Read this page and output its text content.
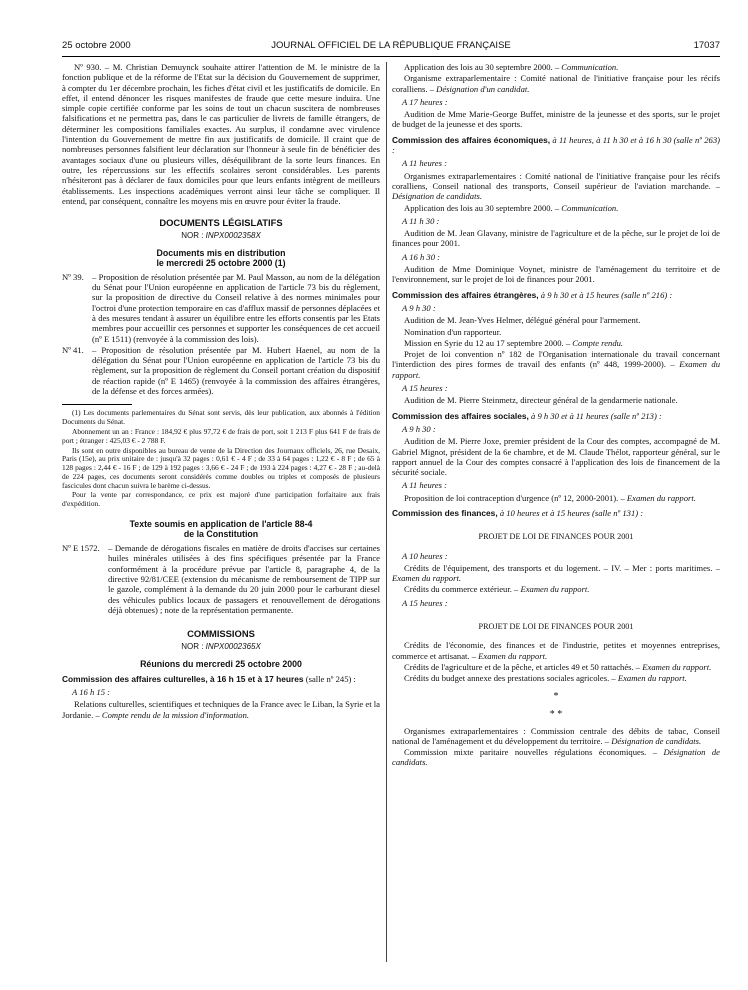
25 octobre 2000	JOURNAL OFFICIEL DE LA RÉPUBLIQUE FRANÇAISE	17037

Nº 930. – M. Christian Demuynck souhaite attirer l'attention de M. le ministre de la fonction publique et de la réforme de l'Etat sur la décision du Gouvernement de supprimer, à compter du 1er décembre prochain, les fiches d'état civil et les justificatifs de domicile. En effet, il entend dénoncer les risques manifestes de fraude que cette mesure induira. Une simple copie certifiée conforme par les soins de tout un chacun suscitera de nombreuses falsifications et ne permettra pas, dans le cas particulier de livrets de famille étrangers, de déterminer les compositions familiales exactes. Au surplus, il condamne avec virulence l'intention du Gouvernement de mettre fin aux justificatifs de domicile. Il craint que de nombreuses personnes falsifient leur déclaration sur l'honneur à seule fin de bénéficier des avantages sociaux d'une ou plusieurs villes, déséquilibrant de la sorte leurs finances. En outre, les répercussions sur les effectifs scolaires seront considérables. Les parents n'hésiteront pas à déclarer de faux domiciles pour que leurs enfants intègrent de meilleurs établissements. Les inspections académiques verront ainsi leur tâche se compliquer. Il entend, par conséquent, connaître les moyens mis en œuvre pour éviter la fraude.

DOCUMENTS LÉGISLATIFS
NOR : INPX0002358X
Documents mis en distribution
le mercredi 25 octobre 2000 (1)

Nº 39. – Proposition de résolution présentée par M. Paul Masson, au nom de la délégation du Sénat pour l'Union européenne en application de l'article 73 bis du règlement, sur la proposition de directive du Conseil relative à des normes minimales pour l'octroi d'une protection temporaire en cas d'afflux massif de personnes déplacées et à des mesures tendant à assurer un équilibre entre les efforts consentis par les Etats membres pour accueillir ces personnes et supporter les conséquences de cet accueil (nº E 1511) (renvoyée à la commission des lois).

Nº 41. – Proposition de résolution présentée par M. Hubert Haenel, au nom de la délégation du Sénat pour l'Union européenne en application de l'article 73 bis du règlement, sur la proposition de règlement du Conseil portant création du dispositif de réaction rapide (nº E 1465) (renvoyée à la commission des affaires étrangères, de la défense et des forces armées).

(1) Les documents parlementaires du Sénat sont servis, dès leur publication, aux abonnés à l'édition Documents du Sénat.

Abonnement un an : France : 184,92 € plus 97,72 € de frais de port, soit 1 213 F plus 641 F de frais de port ; étranger : 425,03 € - 2 788 F.

Ils sont en outre disponibles au bureau de vente de la Direction des Journaux officiels, 26, rue Desaix, Paris (15e), au prix unitaire de : jusqu'à 32 pages : 0,61 € - 4 F ; de 33 à 64 pages : 1,22 € - 8 F ; de 65 à 128 pages : 2,44 € - 16 F ; de 129 à 192 pages : 3,66 € - 24 F ; de 193 à 224 pages : 4,27 € - 28 F ; au-delà de 224 pages, ces documents seront considérés comme doubles ou triples et composés de plusieurs fascicules dont chacun suivra le barème ci-dessus.

Pour la vente par correspondance, ce prix est majoré d'une participation forfaitaire aux frais d'expédition.

Texte soumis en application de l'article 88-4
de la Constitution

Nº E 1572. – Demande de dérogations fiscales en matière de droits d'accises sur certaines huiles minérales utilisées à des fins spécifiques présentée par la France conformément à la procédure prévue par l'article 8, paragraphe 4, de la directive 92/81/CEE (extension du mécanisme de remboursement de TIPP sur le gazole, complément à la demande du 20 juin 2000 pour le carburant diesel des véhicules publics locaux de passagers et renouvellement de dérogations déjà obtenues) ; note de la représentation permanente.

COMMISSIONS
NOR : INPX0002365X
Réunions du mercredi 25 octobre 2000

Commission des affaires culturelles, à 16 h 15 et à 17 heures (salle nº 245) :

A 16 h 15 :

Relations culturelles, scientifiques et techniques de la France avec le Liban, la Syrie et la Jordanie. – Compte rendu de la mission d'information.

Application des lois au 30 septembre 2000. – Communication.

Organisme extraparlementaire : Comité national de l'initiative française pour les récifs coralliens. – Désignation d'un candidat.

A 17 heures :

Audition de Mme Marie-George Buffet, ministre de la jeunesse et des sports, sur le projet de budget de la jeunesse et des sports.

Commission des affaires économiques, à 11 heures, à 11 h 30 et à 16 h 30 (salle nº 263) :

A 11 heures :

Organismes extraparlementaires : Comité national de l'initiative française pour les récifs coralliens, Conseil national des transports, Conseil supérieur de l'aviation marchande. – Désignation de candidats.

Application des lois au 30 septembre 2000. – Communication.

A 11 h 30 :

Audition de M. Jean Glavany, ministre de l'agriculture et de la pêche, sur le projet de loi de finances pour 2001.

A 16 h 30 :

Audition de Mme Dominique Voynet, ministre de l'aménagement du territoire et de l'environnement, sur le projet de loi de finances pour 2001.

Commission des affaires étrangères, à 9 h 30 et à 15 heures (salle nº 216) :

A 9 h 30 :

Audition de M. Jean-Yves Helmer, délégué général pour l'armement.

Nomination d'un rapporteur.

Mission en Syrie du 12 au 17 septembre 2000. – Compte rendu.

Projet de loi convention nº 182 de l'Organisation internationale du travail concernant l'interdiction des pires formes de travail des enfants (nº 448, 1999-2000). – Examen du rapport.

A 15 heures :

Audition de M. Pierre Steinmetz, directeur général de la gendarmerie nationale.

Commission des affaires sociales, à 9 h 30 et à 11 heures (salle nº 213) :

A 9 h 30 :

Audition de M. Pierre Joxe, premier président de la Cour des comptes, accompagné de M. Gabriel Mignot, président de la 6e chambre, et de M. Claude Thélot, rapporteur général, sur le rapport annuel de la Cour des comptes consacré à l'application des lois de financement de la sécurité sociale.

A 11 heures :

Proposition de loi contraception d'urgence (nº 12, 2000-2001). – Examen du rapport.

Commission des finances, à 10 heures et à 15 heures (salle nº 131) :

PROJET DE LOI DE FINANCES POUR 2001

A 10 heures :

Crédits de l'équipement, des transports et du logement. – IV. – Mer : ports maritimes. – Examen du rapport.

Crédits du commerce extérieur. – Examen du rapport.

A 15 heures :

PROJET DE LOI DE FINANCES POUR 2001

Crédits de l'économie, des finances et de l'industrie, petites et moyennes entreprises, commerce et artisanat. – Examen du rapport.

Crédits de l'agriculture et de la pêche, et articles 49 et 50 rattachés. – Examen du rapport.

Crédits du budget annexe des prestations sociales agricoles. – Examen du rapport.

*
* *

Organismes extraparlementaires : Commission centrale des débits de tabac, Conseil national de l'aménagement et du développement du territoire. – Désignation de candidats.

Commission mixte paritaire nouvelles régulations économiques. – Désignation de candidats.
